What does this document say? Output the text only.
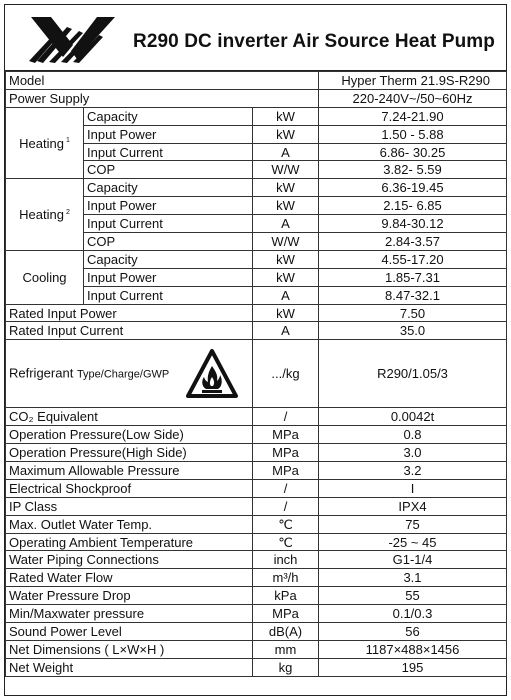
R290 DC inverter Air Source Heat Pump
Model			Hyper Therm 21.9S-R290
Power Supply			220-240V~/50~60Hz
Heating $^1$	Capacity	kW	7.24-21.90
	Input Power	kW	1.50 - 5.88
	Input Current	A	6.86- 30.25
	COP	W/W	3.82- 5.59
Heating $^2$	Capacity	kW	6.36-19.45
	Input Power	kW	2.15- 6.85
	Input Current	A	9.84-30.12
	COP	W/W	2.84-3.57
Cooling	Capacity	kW	4.55-17.20
	Input Power	kW	1.85-7.31
	Input Current	A	8.47-32.1
Rated Input Power		kW	7.50
Rated Input Current		A	35.0
Refrigerant Type/Charge/GWP		.../kg	R290/1.05/3
CO₂ Equivalent		/	0.0042t
Operation Pressure(Low Side)		MPa	0.8
Operation Pressure(High Side)		MPa	3.0
Maximum Allowable Pressure		MPa	3.2
Electrical Shockproof		/	I
IP Class		/	IPX4
Max. Outlet Water Temp.		℃	75
Operating Ambient Temperature		℃	-25 ~ 45
Water Piping Connections		inch	G1-1/4
Rated Water Flow		m³/h	3.1
Water Pressure Drop		kPa	55
Min/Maxwater pressure		MPa	0.1/0.3
Sound Power Level		dB(A)	56
Net Dimensions ( L×W×H )		mm	1187×488×1456
Net Weight		kg	195
